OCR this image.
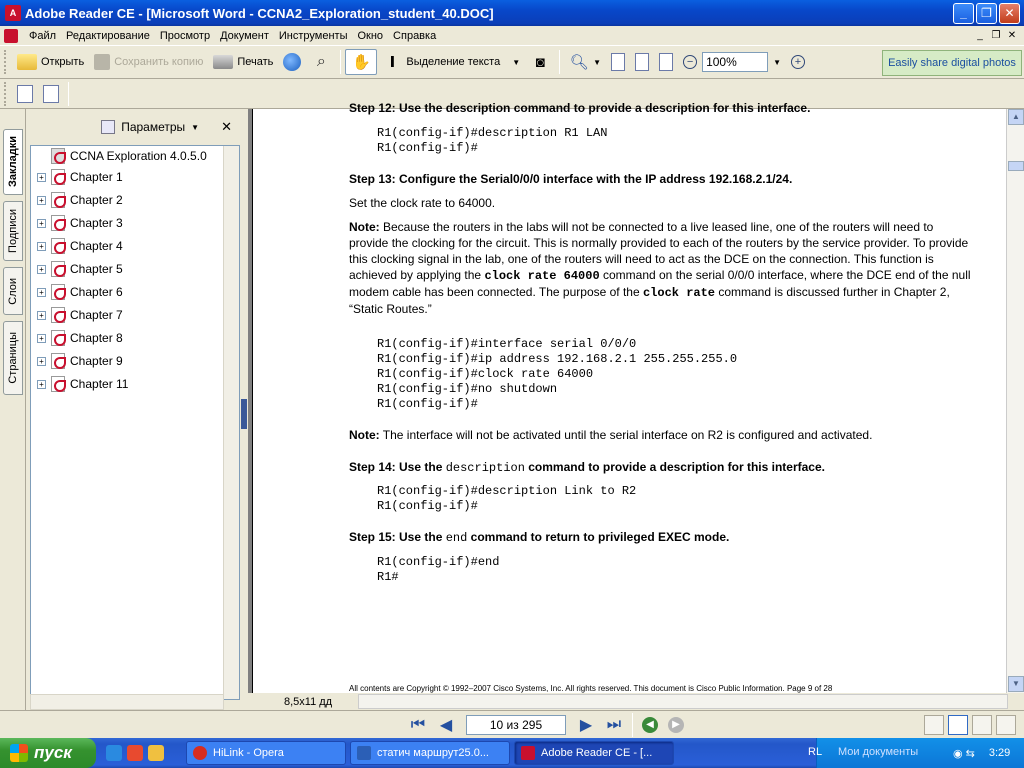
A Adobe Reader CE - [Microsoft Word - CCNA2_Exploration_student_40.DOC]	_	❐	✕
Файл Редактирование Просмотр Документ Инструменты Окно Справка	_ ❐ ✕
Открыть	Сохранить копию	Печать	⌕	✋	Ⅰ	Выделение текста ▼	◙	🔍︎ ▼	−	100%	▼	+	Easily share digital photos
Закладки
Подписи
Слои
Страницы
Параметры ▼ ✕
CCNA Exploration 4.0.5.0
+ Chapter 1
+ Chapter 2
+ Chapter 3
+ Chapter 4
+ Chapter 5
+ Chapter 6
+ Chapter 7
+ Chapter 8
+ Chapter 9
+ Chapter 11
Step 12: Use the description command to provide a description for this interface.
R1(config-if)#description R1 LAN
R1(config-if)#
Step 13: Configure the Serial0/0/0 interface with the IP address 192.168.2.1/24.
Set the clock rate to 64000.
Note: Because the routers in the labs will not be connected to a live leased line, one of the routers will need to provide the clocking for the circuit. This is normally provided to each of the routers by the service provider. To provide this clocking signal in the lab, one of the routers will need to act as the DCE on the connection. This function is achieved by applying the clock rate 64000 command on the serial 0/0/0 interface, where the DCE end of the null modem cable has been connected. The purpose of the clock rate command is discussed further in Chapter 2, “Static Routes.”
R1(config-if)#interface serial 0/0/0
R1(config-if)#ip address 192.168.2.1 255.255.255.0
R1(config-if)#clock rate 64000
R1(config-if)#no shutdown
R1(config-if)#
Note: The interface will not be activated until the serial interface on R2 is configured and activated.
Step 14: Use the description command to provide a description for this interface.
R1(config-if)#description Link to R2
R1(config-if)#
Step 15: Use the end command to return to privileged EXEC mode.
R1(config-if)#end
R1#
All contents are Copyright © 1992–2007 Cisco Systems, Inc. All rights reserved. This document is Cisco Public Information. Page 9 of 28
▲
▼
8,5x11 дд
⏮ ◀	10 из 295	▶ ⏭	◀	▶
пуск	HiLink - Opera	статич маршрут25.0...	Adobe Reader CE - [...	◉ ⇆ 3:29
RL Мои документы
